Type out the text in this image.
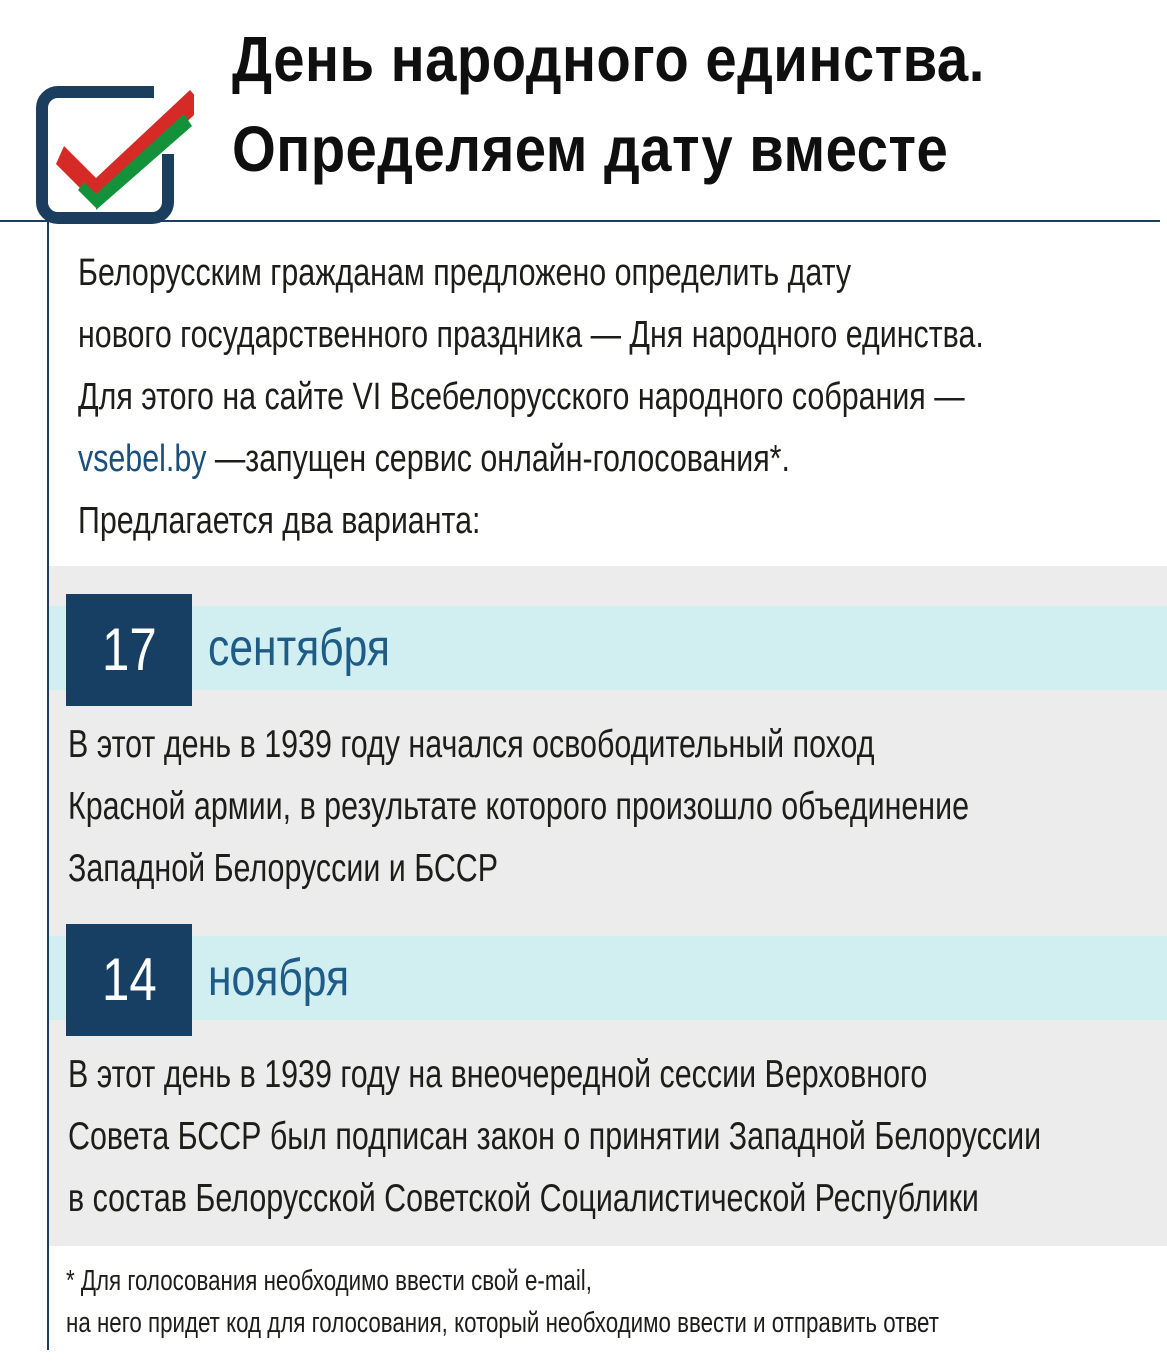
День народного единства.
Определяем дату вместе
Белорусским гражданам предложено определить дату
нового государственного праздника — Дня народного единства.
Для этого на сайте VI Всебелорусского народного собрания —
vsebel.by —запущен сервис онлайн-голосования*.
Предлагается два варианта:
17 сентября
В этот день в 1939 году начался освободительный поход
Красной армии, в результате которого произошло объединение
Западной Белоруссии и БССР
14 ноября
В этот день в 1939 году на внеочередной сессии Верховного
Совета БССР был подписан закон о принятии Западной Белоруссии
в состав Белорусской Советской Социалистической Республики
* Для голосования необходимо ввести свой e-mail,
на него придет код для голосования, который необходимо ввести и отправить ответ
